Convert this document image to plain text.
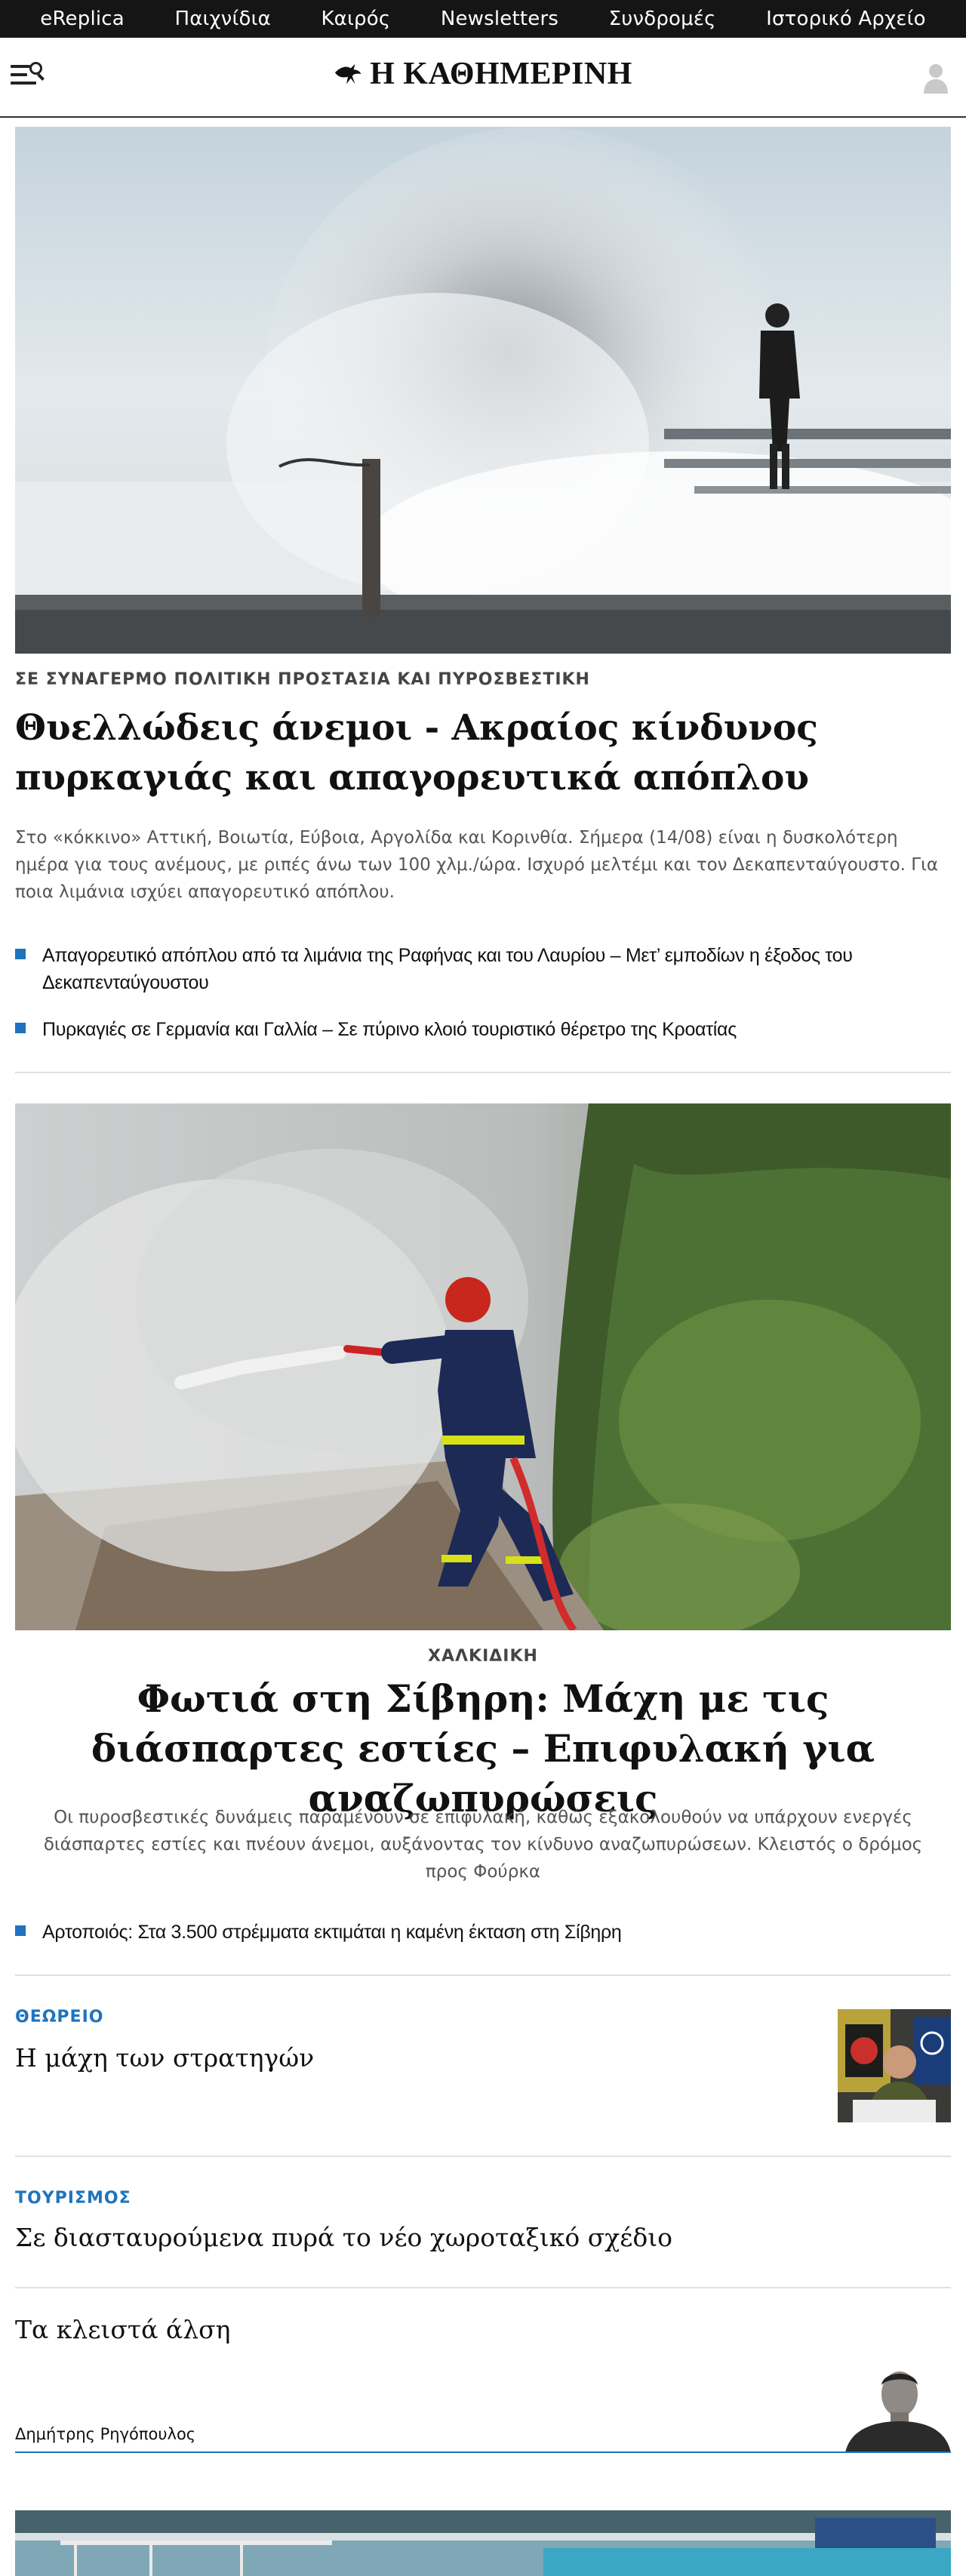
eReplica	Παιχνίδια	Καιρός	Newsletters	Συνδρομές	Ιστορικό Αρχείο
Η ΚΑΘΗΜΕΡΙΝΗ
ΣΕ ΣΥΝΑΓΕΡΜΟ ΠΟΛΙΤΙΚΗ ΠΡΟΣΤΑΣΙΑ ΚΑΙ ΠΥΡΟΣΒΕΣΤΙΚΗ
Θυελλώδεις άνεμοι - Ακραίος κίνδυνος πυρκαγιάς και απαγορευτικά απόπλου

Στο «κόκκινο» Αττική, Βοιωτία, Εύβοια, Αργολίδα και Κορινθία. Σήμερα (14/08) είναι η δυσκολότερη ημέρα για τους ανέμους, με ριπές άνω των 100 χλμ./ώρα. Ισχυρό μελτέμι και τον Δεκαπενταύγουστο. Για ποια λιμάνια ισχύει απαγορευτικό απόπλου.

Απαγορευτικό απόπλου από τα λιμάνια της Ραφήνας και του Λαυρίου – Μετ’ εμποδίων η έξοδος του Δεκαπενταύγουστου
Πυρκαγιές σε Γερμανία και Γαλλία – Σε πύρινο κλοιό τουριστικό θέρετρο της Κροατίας
ΧΑΛΚΙΔΙΚΗ
Φωτιά στη Σίβηρη: Μάχη με τις διάσπαρτες εστίες – Επιφυλακή για αναζωπυρώσεις

Οι πυροσβεστικές δυνάμεις παραμένουν σε επιφυλακή, καθώς εξακολουθούν να υπάρχουν ενεργές διάσπαρτες εστίες και πνέουν άνεμοι, αυξάνοντας τον κίνδυνο αναζωπυρώσεων. Κλειστός ο δρόμος προς Φούρκα

Αρτοποιός: Στα 3.500 στρέμματα εκτιμάται η καμένη έκταση στη Σίβηρη
ΘΕΩΡΕΙΟ
Η μάχη των στρατηγών
ΤΟΥΡΙΣΜΟΣ
Σε διασταυρούμενα πυρά το νέο χωροταξικό σχέδιο
Τα κλειστά άλση
Δημήτρης Ρηγόπουλος
